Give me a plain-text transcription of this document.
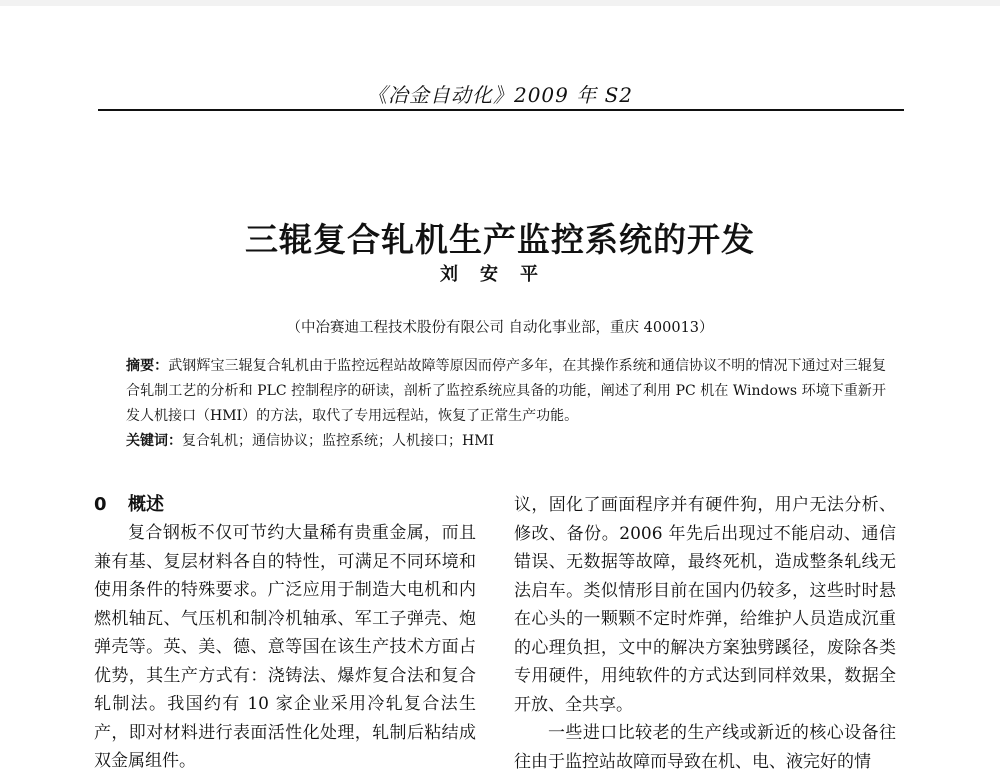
《冶金自动化》2009 年 S2
三辊复合轧机生产监控系统的开发
刘安平
（中冶赛迪工程技术股份有限公司 自动化事业部，重庆 400013）

摘要：武钢辉宝三辊复合轧机由于监控远程站故障等原因而停产多年，在其操作系统和通信协议不明的情况下通过对三辊复合轧制工艺的分析和 PLC 控制程序的研读，剖析了监控系统应具备的功能，阐述了利用 PC 机在 Windows 环境下重新开发人机接口（HMI）的方法，取代了专用远程站，恢复了正常生产功能。

关键词：复合轧机；通信协议；监控系统；人机接口；HMI

0 概述

复合钢板不仅可节约大量稀有贵重金属，而且兼有基、复层材料各自的特性，可满足不同环境和使用条件的特殊要求。广泛应用于制造大电机和内燃机轴瓦、气压机和制冷机轴承、军工子弹壳、炮弹壳等。英、美、德、意等国在该生产技术方面占优势，其生产方式有：浇铸法、爆炸复合法和复合轧制法。我国约有 10 家企业采用冷轧复合法生产，即对材料进行表面活性化处理，轧制后粘结成双金属组件。

议，固化了画面程序并有硬件狗，用户无法分析、修改、备份。2006 年先后出现过不能启动、通信错误、无数据等故障，最终死机，造成整条轧线无法启车。类似情形目前在国内仍较多，这些时时悬在心头的一颗颗不定时炸弹，给维护人员造成沉重的心理负担，文中的解决方案独劈蹊径，废除各类专用硬件，用纯软件的方式达到同样效果，数据全开放、全共享。

一些进口比较老的生产线或新近的核心设备往往由于监控站故障而导致在机、电、液完好的情
